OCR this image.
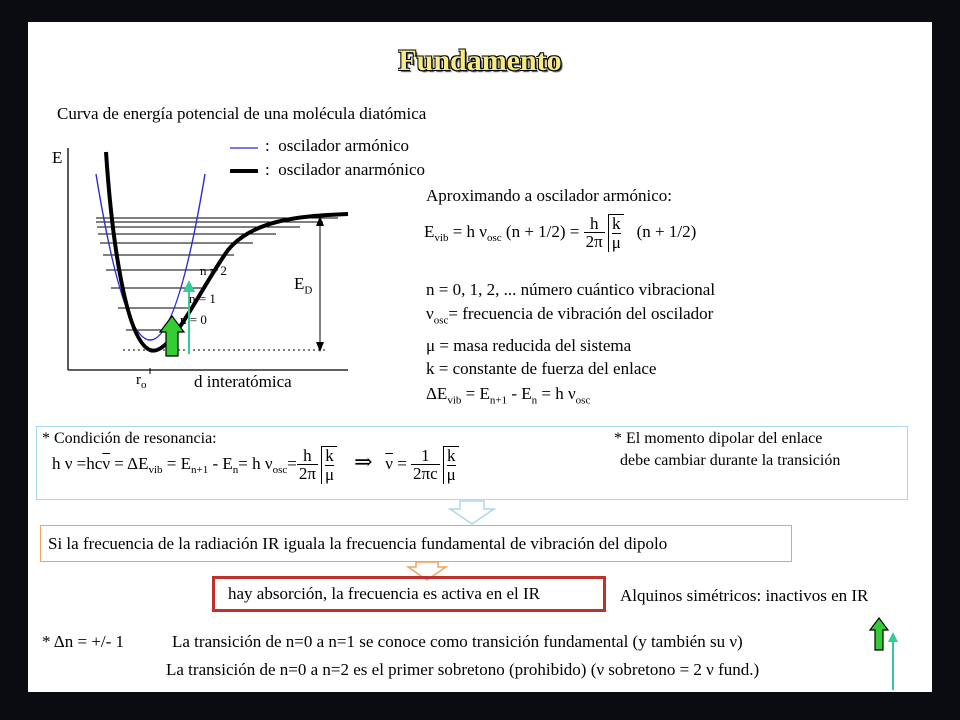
Fundamento
Curva de energía potencial de una molécula diatómica
E
: oscilador armónico
: oscilador anarmónico
n = 2
n = 1
n = 0
$E_D$
$r_o$	d interatómica
Aproximando a oscilador armónico:
$E_{vib} = h$ $\nu_{osc}$ $(n + 1/2) = \frac{h}{2\pi} \frac{k}{\mu} (n + 1/2)$
n = 0, 1, 2, ... número cuántico vibracional
$\nu_{osc}=$ frecuencia de vibración del oscilador
μ = masa reducida del sistema
k = constante de fuerza del enlace
$\Delta E_{vib} = E_{n+1} - E_n = h$ $\nu_{osc}$
* Condición de resonancia:
h $\nu =hc\overline{\nu} = \Delta E_{vib} = E_{n+1} - E_n= h$ $\nu_{osc}= \frac{h}{2\pi} \frac{k}{\mu}$ ⇒ $\overline{\nu} = \frac{1}{2\pi c} \frac{k}{\mu}$
* El momento dipolar del enlace
debe cambiar durante la transición
Si la frecuencia de la radiación IR iguala la frecuencia fundamental de vibración del dipolo
hay absorción, la frecuencia es activa en el IR	Alquinos simétricos: inactivos en IR
* Δn = +/- 1	La transición de n=0 a n=1 se conoce como transición fundamental (y también su ν)
La transición de n=0 a n=2 es el primer sobretono (prohibido) (ν sobretono = 2 ν fund.)
